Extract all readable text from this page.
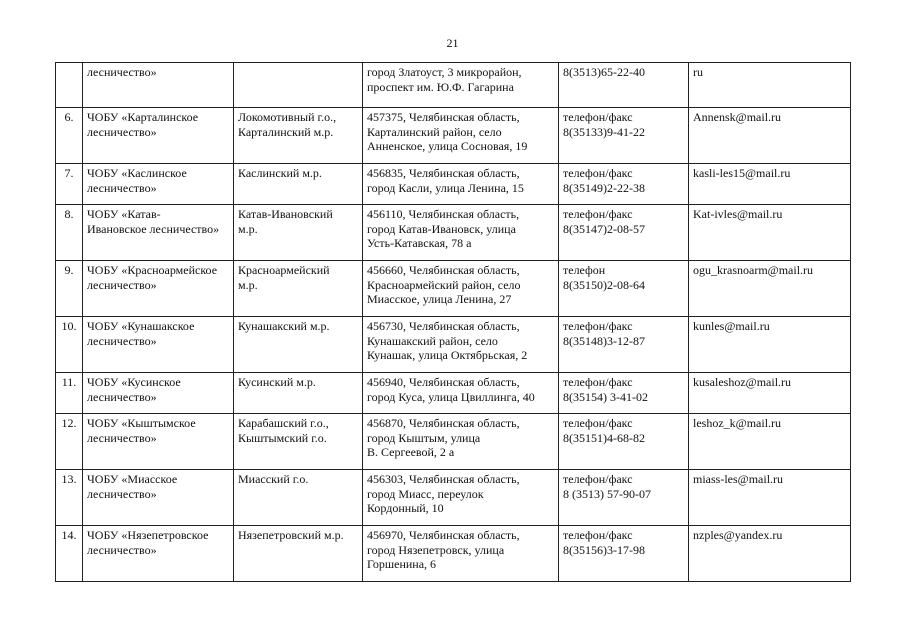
21
	лесничество»		город Златоуст, 3 микрорайон,
проспект им. Ю.Ф. Гагарина	8(3513)65-22-40	ru
6.	ЧОБУ «Карталинское
лесничество»	Локомотивный г.о.,
Карталинский м.р.	457375, Челябинская область,
Карталинский район, село
Анненское, улица Сосновая, 19	телефон/факс
8(35133)9-41-22	Annensk@mail.ru
7.	ЧОБУ «Каслинское
лесничество»	Каслинский м.р.	456835, Челябинская область,
город Касли, улица Ленина, 15	телефон/факс
8(35149)2-22-38	kasli-les15@mail.ru
8.	ЧОБУ «Катав-
Ивановское лесничество»	Катав-Ивановский
м.р.	456110, Челябинская область,
город Катав-Ивановск, улица
Усть-Катавская, 78 а	телефон/факс
8(35147)2-08-57	Kat-ivles@mail.ru
9.	ЧОБУ «Красноармейское
лесничество»	Красноармейский
м.р.	456660, Челябинская область,
Красноармейский район, село
Миасское, улица Ленина, 27	телефон
8(35150)2-08-64	ogu_krasnoarm@mail.ru
10.	ЧОБУ «Кунашакское
лесничество»	Кунашакский м.р.	456730, Челябинская область,
Кунашакский район, село
Кунашак, улица Октябрьская, 2	телефон/факс
8(35148)3-12-87	kunles@mail.ru
11.	ЧОБУ «Кусинское
лесничество»	Кусинский м.р.	456940, Челябинская область,
город Куса, улица Цвиллинга, 40	телефон/факс
8(35154) 3-41-02	kusaleshoz@mail.ru
12.	ЧОБУ «Кыштымское
лесничество»	Карабашский г.о.,
Кыштымский г.о.	456870, Челябинская область,
город Кыштым, улица
В. Сергеевой, 2 а	телефон/факс
8(35151)4-68-82	leshoz_k@mail.ru
13.	ЧОБУ «Миасское
лесничество»	Миасский г.о.	456303, Челябинская область,
город Миасс, переулок
Кордонный, 10	телефон/факс
8 (3513) 57-90-07	miass-les@mail.ru
14.	ЧОБУ «Нязепетровское
лесничество»	Нязепетровский м.р.	456970, Челябинская область,
город Нязепетровск, улица
Горшенина, 6	телефон/факс
8(35156)3-17-98	nzples@yandex.ru
